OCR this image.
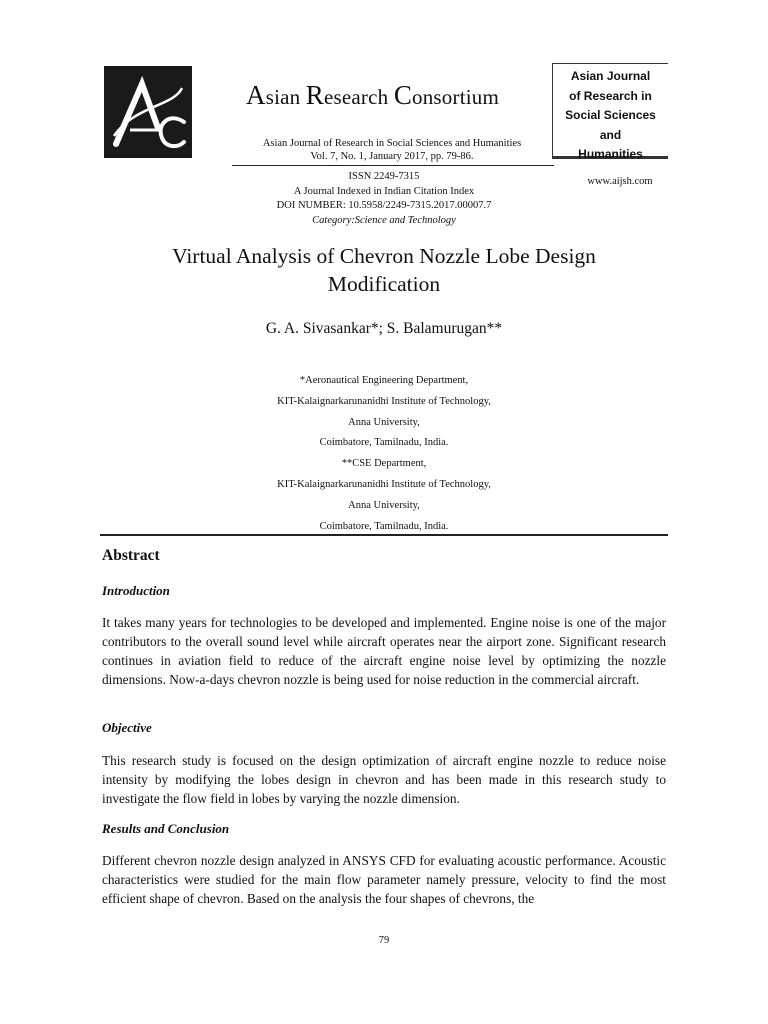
Asian Research Consortium
Asian Journal of Research in Social Sciences and Humanities
Vol. 7, No. 1, January 2017, pp. 79-86.
ISSN 2249-7315
A Journal Indexed in Indian Citation Index
DOI NUMBER: 10.5958/2249-7315.2017.00007.7
Category:Science and Technology
Asian Journal
of Research in
Social Sciences
and
Humanities
www.aijsh.com
Virtual Analysis of Chevron Nozzle Lobe Design
Modification
G. A. Sivasankar*; S. Balamurugan**
*Aeronautical Engineering Department,
KIT-Kalaignarkarunanidhi Institute of Technology,
Anna University,
Coimbatore, Tamilnadu, India.
**CSE Department,
KIT-Kalaignarkarunanidhi Institute of Technology,
Anna University,
Coimbatore, Tamilnadu, India.
Abstract
Introduction
It takes many years for technologies to be developed and implemented. Engine noise is one of the major contributors to the overall sound level while aircraft operates near the airport zone. Significant research continues in aviation field to reduce of the aircraft engine noise level by optimizing the nozzle dimensions. Now-a-days chevron nozzle is being used for noise reduction in the commercial aircraft.
Objective
This research study is focused on the design optimization of aircraft engine nozzle to reduce noise intensity by modifying the lobes design in chevron and has been made in this research study to investigate the flow field in lobes by varying the nozzle dimension.
Results and Conclusion
Different chevron nozzle design analyzed in ANSYS CFD for evaluating acoustic performance. Acoustic characteristics were studied for the main flow parameter namely pressure, velocity to find the most efficient shape of chevron. Based on the analysis the four shapes of chevrons, the
79
